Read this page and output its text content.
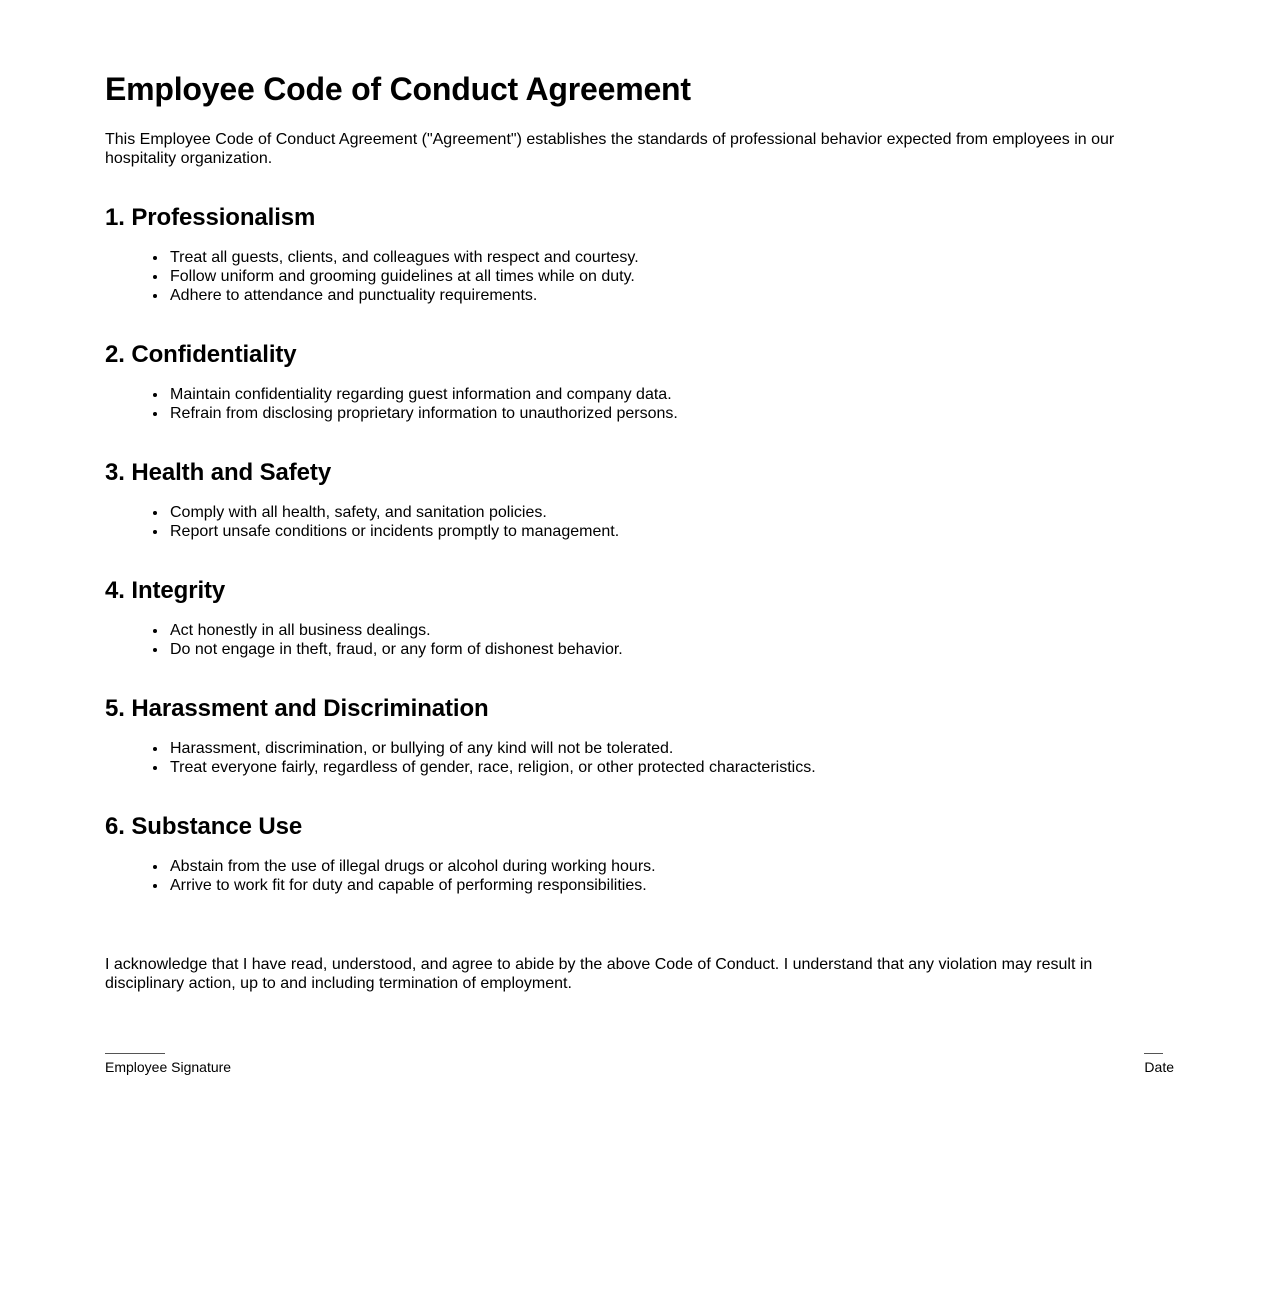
Employee Code of Conduct Agreement

This Employee Code of Conduct Agreement ("Agreement") establishes the standards of professional behavior expected from employees in our hospitality organization.

1. Professionalism
• Treat all guests, clients, and colleagues with respect and courtesy.
• Follow uniform and grooming guidelines at all times while on duty.
• Adhere to attendance and punctuality requirements.
2. Confidentiality
• Maintain confidentiality regarding guest information and company data.
• Refrain from disclosing proprietary information to unauthorized persons.
3. Health and Safety
• Comply with all health, safety, and sanitation policies.
• Report unsafe conditions or incidents promptly to management.
4. Integrity
• Act honestly in all business dealings.
• Do not engage in theft, fraud, or any form of dishonest behavior.
5. Harassment and Discrimination
• Harassment, discrimination, or bullying of any kind will not be tolerated.
• Treat everyone fairly, regardless of gender, race, religion, or other protected characteristics.
6. Substance Use
• Abstain from the use of illegal drugs or alcohol during working hours.
• Arrive to work fit for duty and capable of performing responsibilities.

I acknowledge that I have read, understood, and agree to abide by the above Code of Conduct. I understand that any violation may result in disciplinary action, up to and including termination of employment.

Employee Signature	Date
